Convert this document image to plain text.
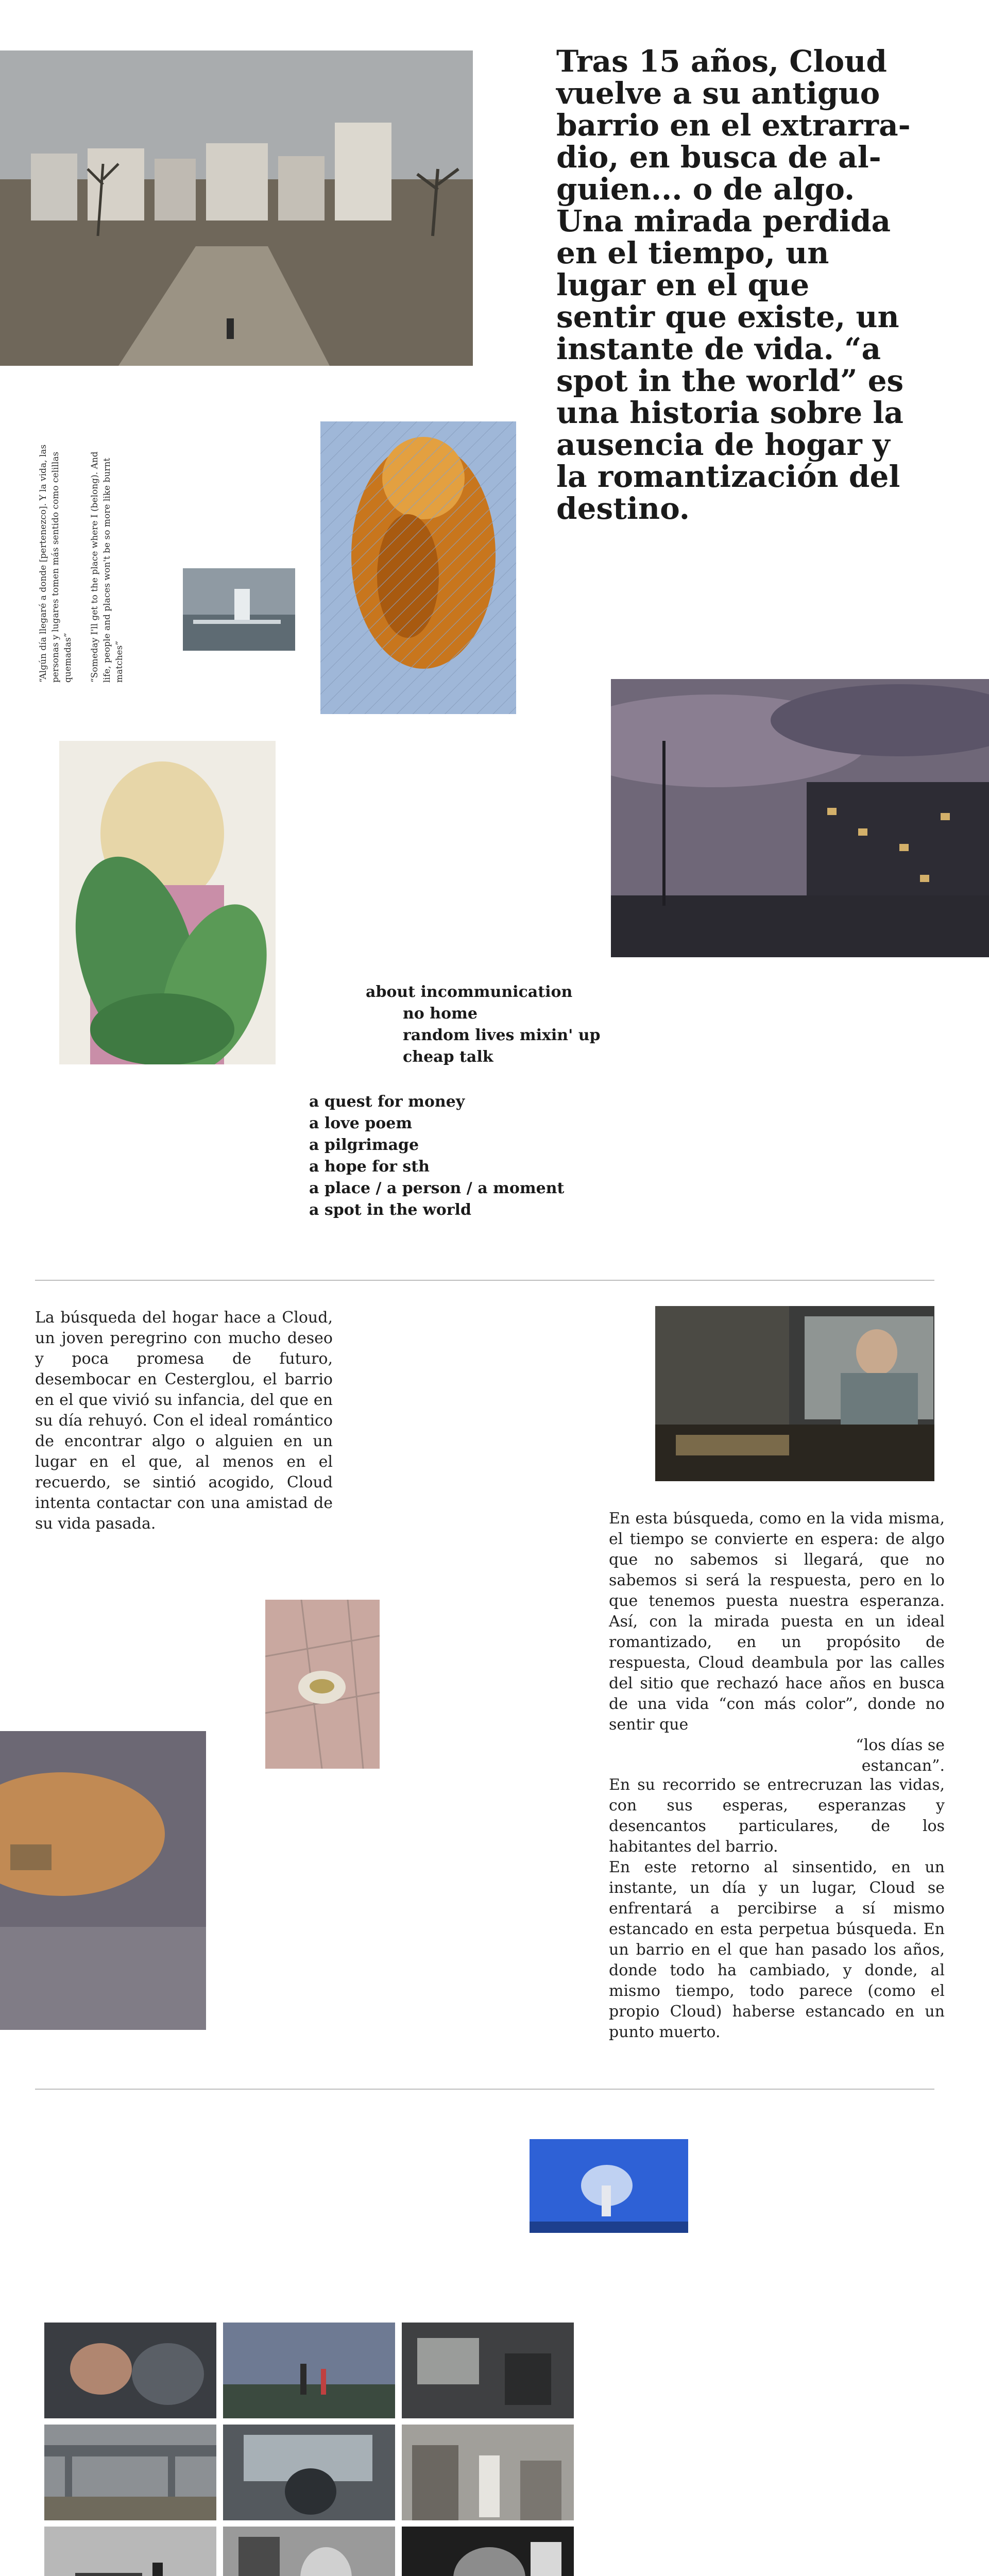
Tras 15 años, Cloud vuelve a su antiguo barrio en el extrarra-dio, en busca de al-guien... o de algo. Una mirada perdida en el tiempo, un lugar en el que sentir que existe, un instante de vida. “a spot in the world” es una historia sobre la ausencia de hogar y la romantización del destino.

“Algún día llegaré a donde [pertenezco]. Y la vida, las personas y lugares tomen más sentido como celillas quemadas” “Someday I'll get to the place where I (belong). And life, people and places won't be so more like burnt matches”

about incommunication
no home
random lives mixin' up
cheap talk
a quest for money
a love poem
a pilgrimage
a hope for sth
a place / a person / a moment
a spot in the world

La búsqueda del hogar hace a Cloud, un joven peregrino con mucho deseo y poca promesa de futuro, desembocar en Cesterglou, el barrio en el que vivió su infancia, del que en su día rehuyó. Con el ideal romántico de encontrar algo o alguien en un lugar en el que, al menos en el recuerdo, se sintió acogido, Cloud intenta contactar con una amistad de su vida pasada.	En esta búsqueda, como en la vida misma, el tiempo se convierte en espera: de algo que no sabemos si llegará, que no sabemos si será la respuesta, pero en lo que tenemos puesta nuestra esperanza. Así, con la mirada puesta en un ideal romantizado, en un propósito de respuesta, Cloud deambula por las calles del sitio que rechazó hace años en busca de una vida “con más color”, donde no sentir que

“los días se estancan”.

En su recorrido se entrecruzan las vidas, con sus esperas, esperanzas y desencantos particulares, de los habitantes del barrio.

En este retorno al sinsentido, en un instante, un día y un lugar, Cloud se enfrentará a percibirse a sí mismo estancado en esta perpetua búsqueda. En un barrio en el que han pasado los años, donde todo ha cambiado, y donde, al mismo tiempo, todo parece (como el propio Cloud) haberse estancado en un punto muerto.
